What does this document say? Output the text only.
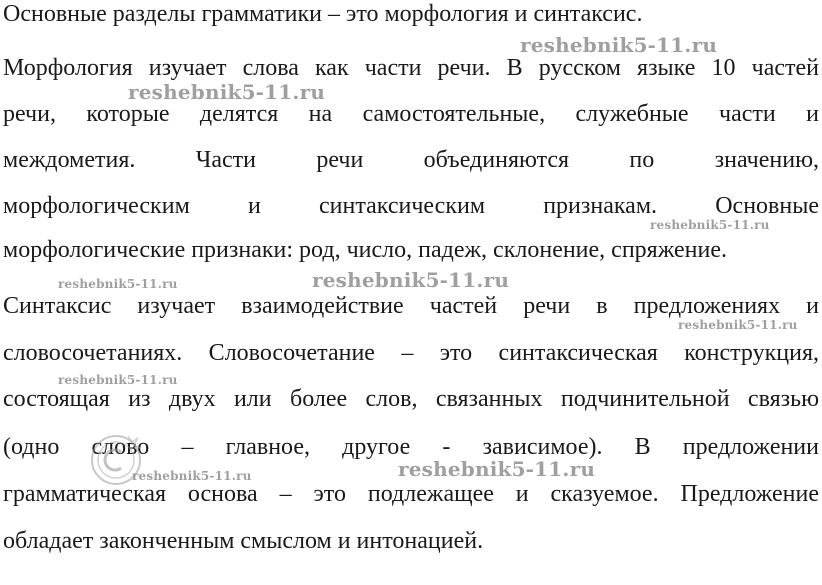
Основные разделы грамматики – это морфология и синтаксис.
Морфология изучает слова как части речи. В русском языке 10 частей
речи, которые делятся на самостоятельные, служебные части и
междометия. Части речи объединяются по значению,
морфологическим и синтаксическим признакам. Основные
морфологические признаки: род, число, падеж, склонение, спряжение.
Синтаксис изучает взаимодействие частей речи в предложениях и
словосочетаниях. Словосочетание – это синтаксическая конструкция,
состоящая из двух или более слов, связанных подчинительной связью
(одно слово – главное, другое - зависимое). В предложении
грамматическая основа – это подлежащее и сказуемое. Предложение
обладает законченным смыслом и интонацией.
reshebnik5-11.ru
reshebnik5-11.ru
reshebnik5-11.ru
reshebnik5-11.ru	reshebnik5-11.ru
reshebnik5-11.ru
reshebnik5-11.ru
reshebnik5-11.ru	reshebnik5-11.ru
